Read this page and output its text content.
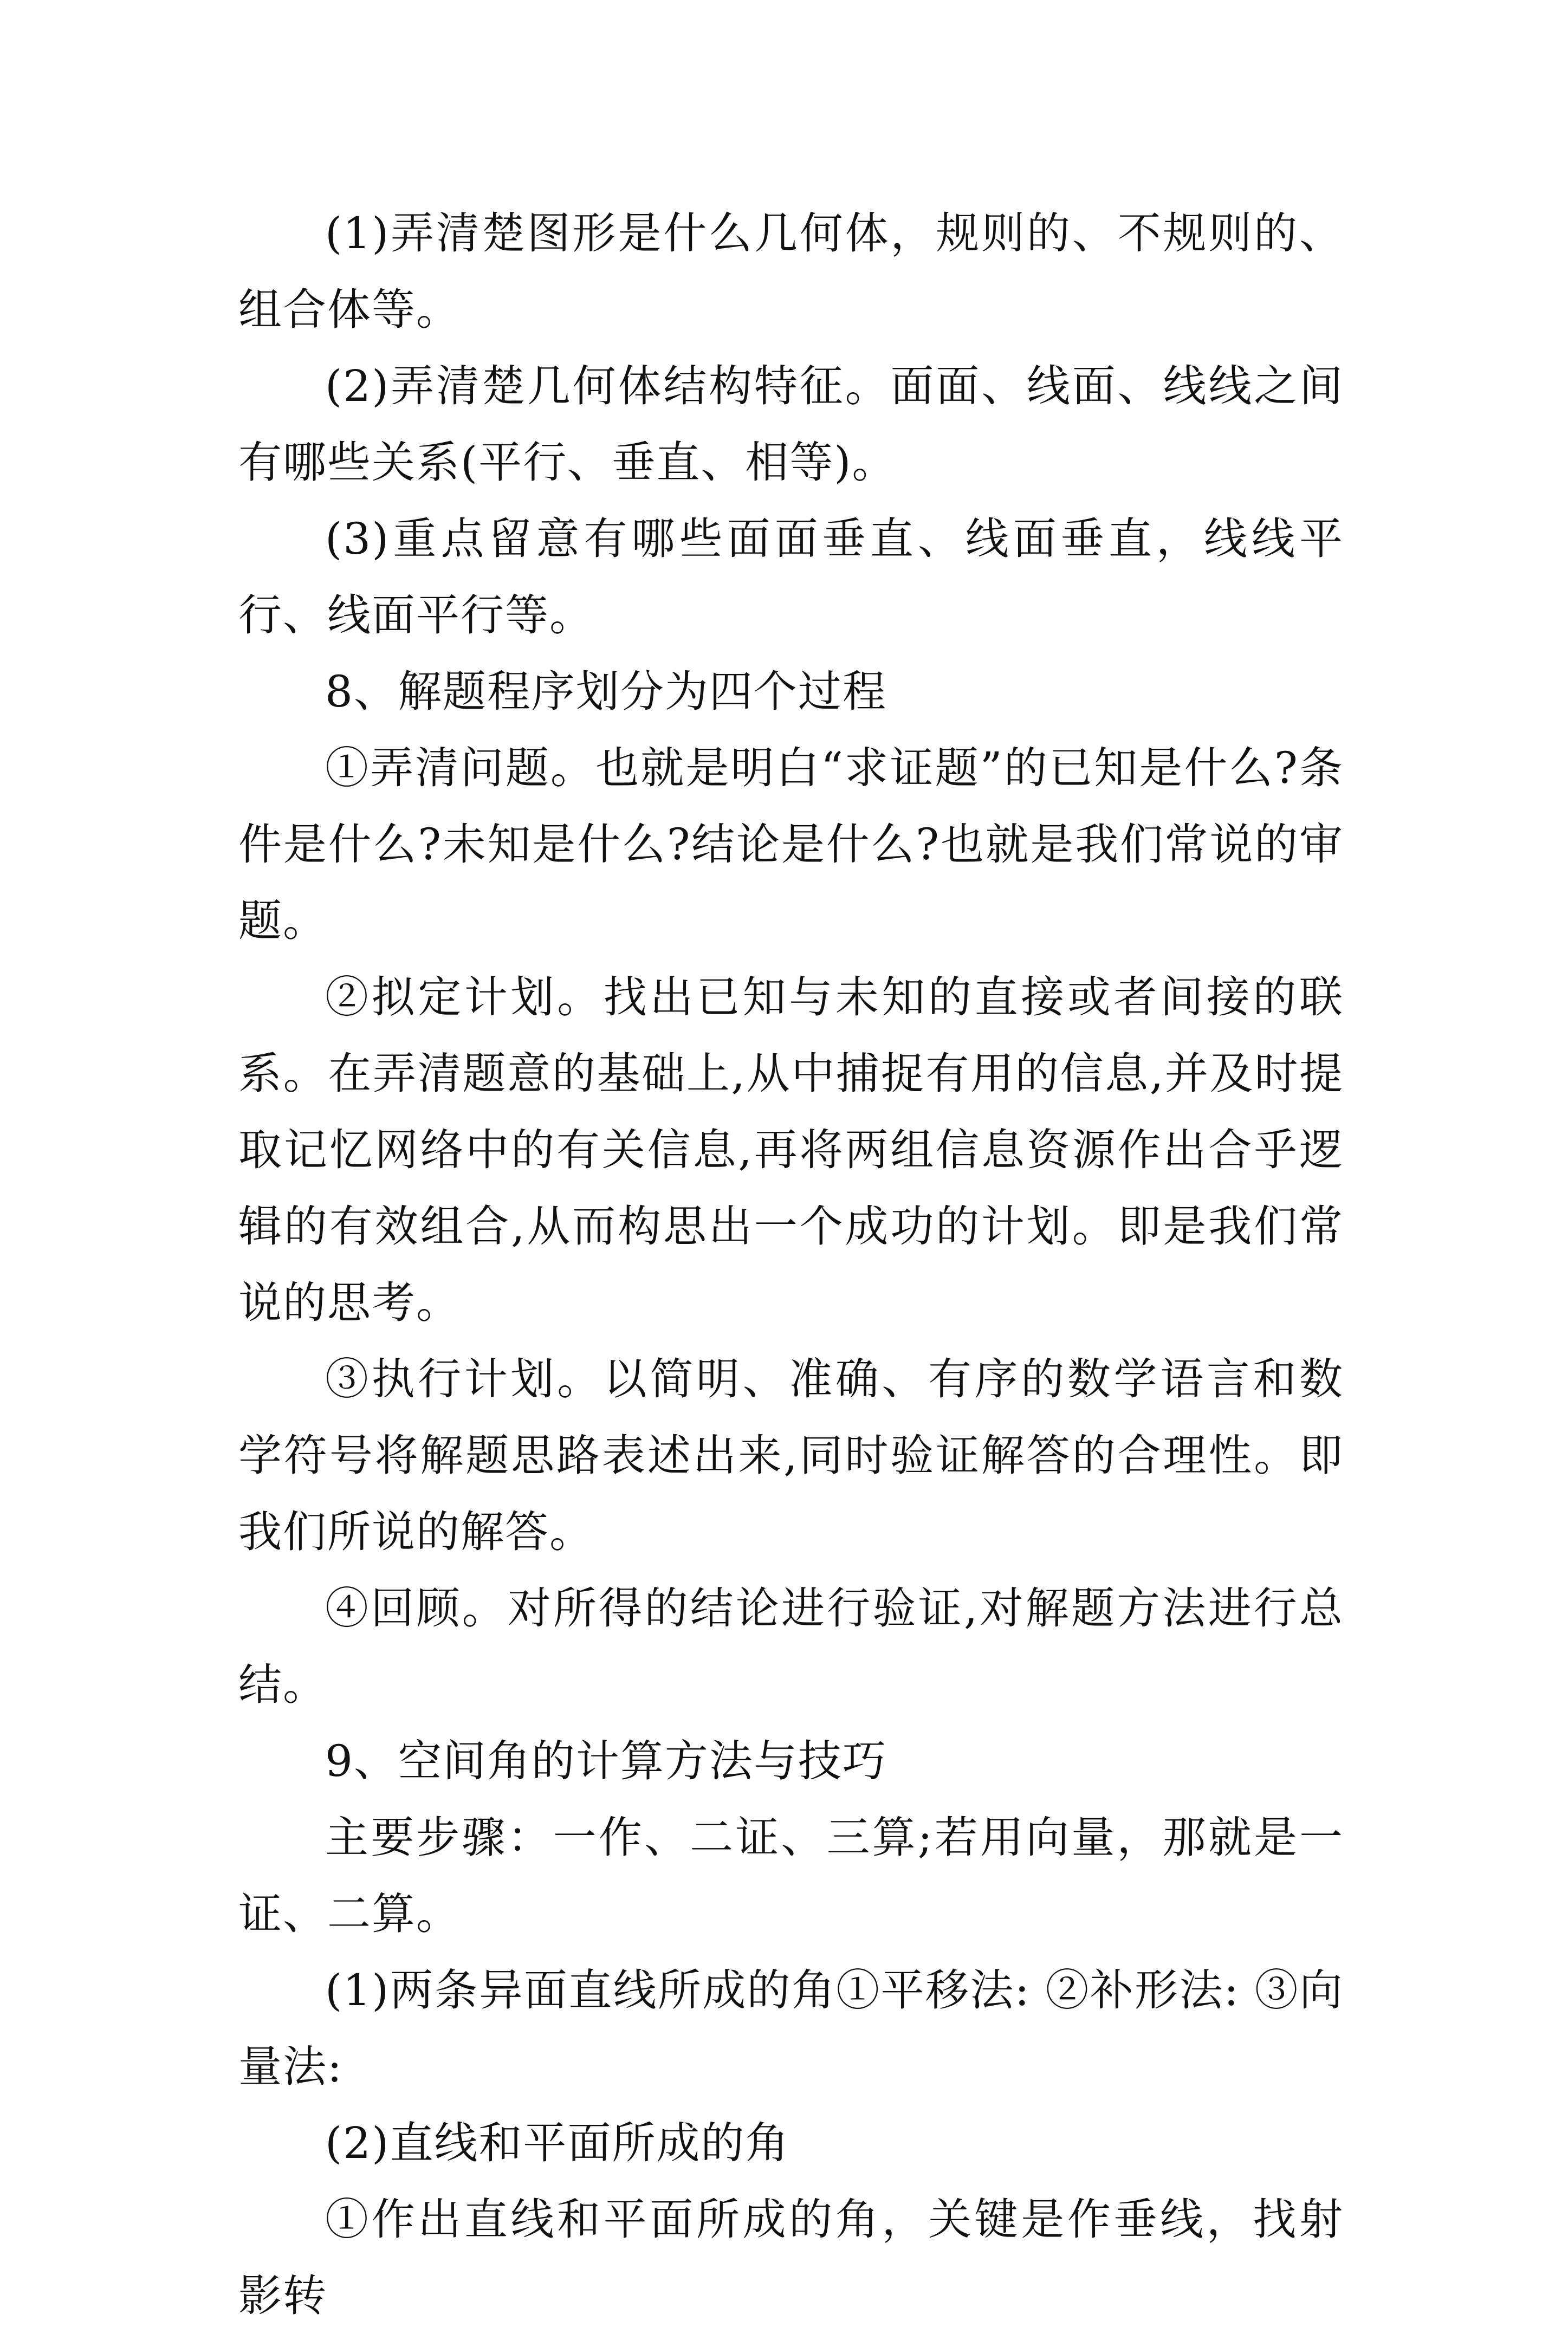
(1)弄清楚图形是什么几何体，规则的、不规则的、组合体等。

(2)弄清楚几何体结构特征。面面、线面、线线之间有哪些关系(平行、垂直、相等)。

(3)重点留意有哪些面面垂直、线面垂直，线线平行、线面平行等。

8、解题程序划分为四个过程

①弄清问题。也就是明白“求证题”的已知是什么?条件是什么?未知是什么?结论是什么?也就是我们常说的审题。

②拟定计划。找出已知与未知的直接或者间接的联系。在弄清题意的基础上,从中捕捉有用的信息,并及时提取记忆网络中的有关信息,再将两组信息资源作出合乎逻辑的有效组合,从而构思出一个成功的计划。即是我们常说的思考。

③执行计划。以简明、准确、有序的数学语言和数学符号将解题思路表述出来,同时验证解答的合理性。即我们所说的解答。

④回顾。对所得的结论进行验证,对解题方法进行总结。

9、空间角的计算方法与技巧

主要步骤：一作、二证、三算;若用向量，那就是一证、二算。

(1)两条异面直线所成的角①平移法: ②补形法: ③向量法:

(2)直线和平面所成的角

①作出直线和平面所成的角，关键是作垂线，找射影转
